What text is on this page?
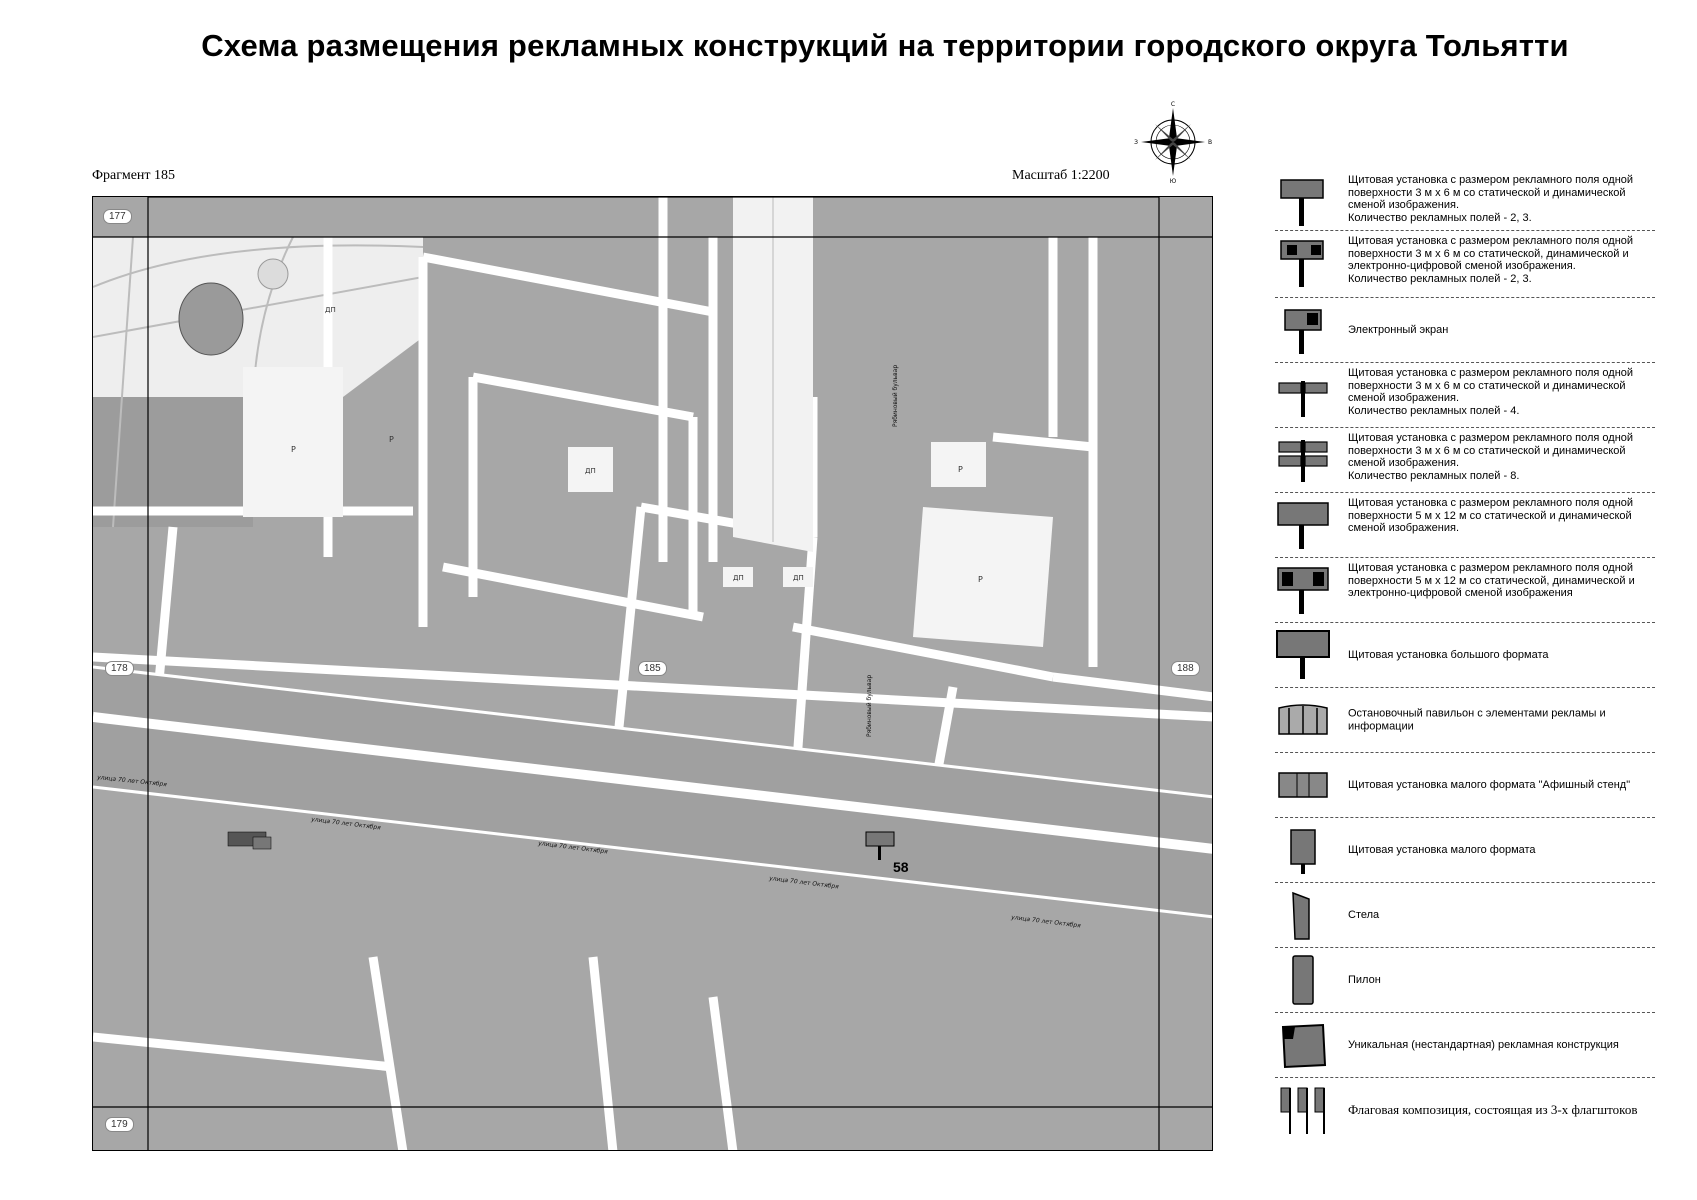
Схема размещения рекламных конструкций на территории городского округа Тольятти
С
Ю
З	В
Фрагмент 185	Масштаб 1:2200
58
улица 70 лет Октября
улица 70 лет Октября
улица 70 лет Октября
улица 70 лет Октября
улица 70 лет Октября
Рябиновый бульвар
Рябиновый бульвар
P
P
P
P
ДП
ДП	ДП
ДП
177
178	185	188
179
Щитовая установка с размером рекламного поля одной поверхности 3 м х 6 м со статической и динамической сменой изображения.
Количество рекламных полей - 2, 3.
Щитовая установка с размером рекламного поля одной поверхности 3 м х 6 м со статической, динамической и электронно-цифровой сменой изображения.
Количество рекламных полей - 2, 3.
Электронный экран
Щитовая установка с размером рекламного поля одной поверхности 3 м х 6 м со статической и динамической сменой изображения.
Количество рекламных полей - 4.
Щитовая установка с размером рекламного поля одной поверхности 3 м х 6 м со статической и динамической сменой изображения.
Количество рекламных полей - 8.
Щитовая установка с размером рекламного поля одной поверхности 5 м х 12 м со статической и динамической сменой изображения.
Щитовая установка с размером рекламного поля одной поверхности 5 м х 12 м со статической, динамической и электронно-цифровой сменой изображения
Щитовая установка большого формата
Остановочный павильон с элементами рекламы и информации
Щитовая установка малого формата "Афишный стенд"
Щитовая установка малого формата
Стела
Пилон
Уникальная (нестандартная) рекламная конструкция
Флаговая композиция, состоящая из 3-х флагштоков
